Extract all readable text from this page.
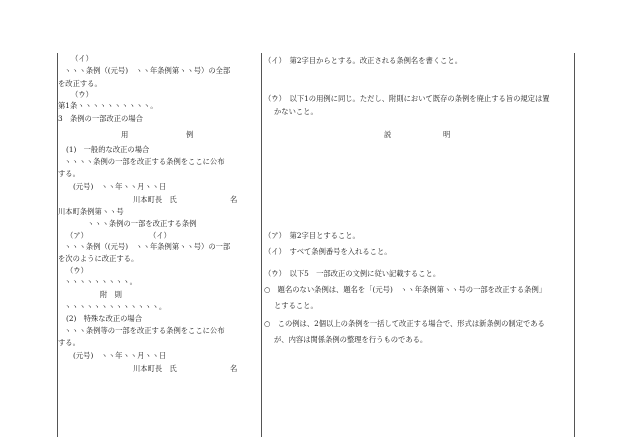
（イ）
ヽヽヽ条例（(元号)　ヽヽ年条例第ヽヽ号）の全部
を改正する。
（ウ）
第1条ヽヽヽヽヽヽヽヽヽヽ。
3　条例の一部改正の場合
用	例
(1)　一般的な改正の場合
ヽヽヽヽ条例の一部を改正する条例をここに公布
する。
(元号)　ヽヽ年ヽヽ月ヽヽ日
川本町長　氏	名
川本町条例第ヽヽ号
ヽヽヽ条例の一部を改正する条例
（ア）	（イ）
ヽヽヽ条例（(元号)　ヽヽ年条例第ヽヽ号）の一部
を次のように改正する。
（ウ）
ヽヽヽヽヽヽヽヽヽ。
附　則
ヽヽヽヽヽヽヽヽヽヽヽヽヽ。
(2)　特殊な改正の場合
ヽヽヽ条例等の一部を改正する条例をここに公布
する。
(元号)　ヽヽ年ヽヽ月ヽヽ日
川本町長　氏	名
（イ）　第2字目からとする。改正される条例名を書くこと。
（ウ）　以下1の用例に同じ。ただし、附則において既存の条例を廃止する旨の規定は置
かないこと。
説	明
（ア）　第2字目とすること。
（イ）　すべて条例番号を入れること。
（ウ）　以下5　一部改正の文例に従い記載すること。
○　題名のない条例は、題名を「(元号)　ヽヽ年条例第ヽヽ号の一部を改正する条例」
とすること。
○　この例は、2個以上の条例を一括して改正する場合で、形式は新条例の制定である
が、内容は関係条例の整理を行うものである。
